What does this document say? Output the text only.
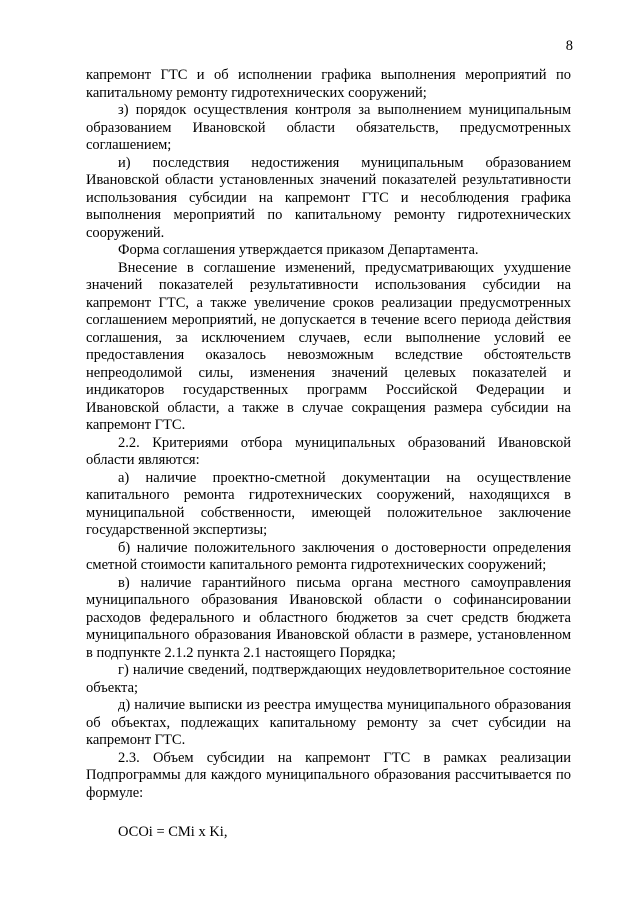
8

капремонт ГТС и об исполнении графика выполнения мероприятий по капитальному ремонту гидротехнических сооружений;

з) порядок осуществления контроля за выполнением муниципальным образованием Ивановской области обязательств, предусмотренных соглашением;

и) последствия недостижения муниципальным образованием Ивановской области установленных значений показателей результативности использования субсидии на капремонт ГТС и несоблюдения графика выполнения мероприятий по капитальному ремонту гидротехнических сооружений.

Форма соглашения утверждается приказом Департамента.

Внесение в соглашение изменений, предусматривающих ухудшение значений показателей результативности использования субсидии на капремонт ГТС, а также увеличение сроков реализации предусмотренных соглашением мероприятий, не допускается в течение всего периода действия соглашения, за исключением случаев, если выполнение условий ее предоставления оказалось невозможным вследствие обстоятельств непреодолимой силы, изменения значений целевых показателей и индикаторов государственных программ Российской Федерации и Ивановской области, а также в случае сокращения размера субсидии на капремонт ГТС.

2.2. Критериями отбора муниципальных образований Ивановской области являются:

а) наличие проектно-сметной документации на осуществление капитального ремонта гидротехнических сооружений, находящихся в муниципальной собственности, имеющей положительное заключение государственной экспертизы;

б) наличие положительного заключения о достоверности определения сметной стоимости капитального ремонта гидротехнических сооружений;

в) наличие гарантийного письма органа местного самоуправления муниципального образования Ивановской области о софинансировании расходов федерального и областного бюджетов за счет средств бюджета муниципального образования Ивановской области в размере, установленном в подпункте 2.1.2 пункта 2.1 настоящего Порядка;

г) наличие сведений, подтверждающих неудовлетворительное состояние объекта;

д) наличие выписки из реестра имущества муниципального образования об объектах, подлежащих капитальному ремонту за счет субсидии на капремонт ГТС.

2.3. Объем субсидии на капремонт ГТС в рамках реализации Подпрограммы для каждого муниципального образования рассчитывается по формуле:

ОСОi = СМi x Ki,
